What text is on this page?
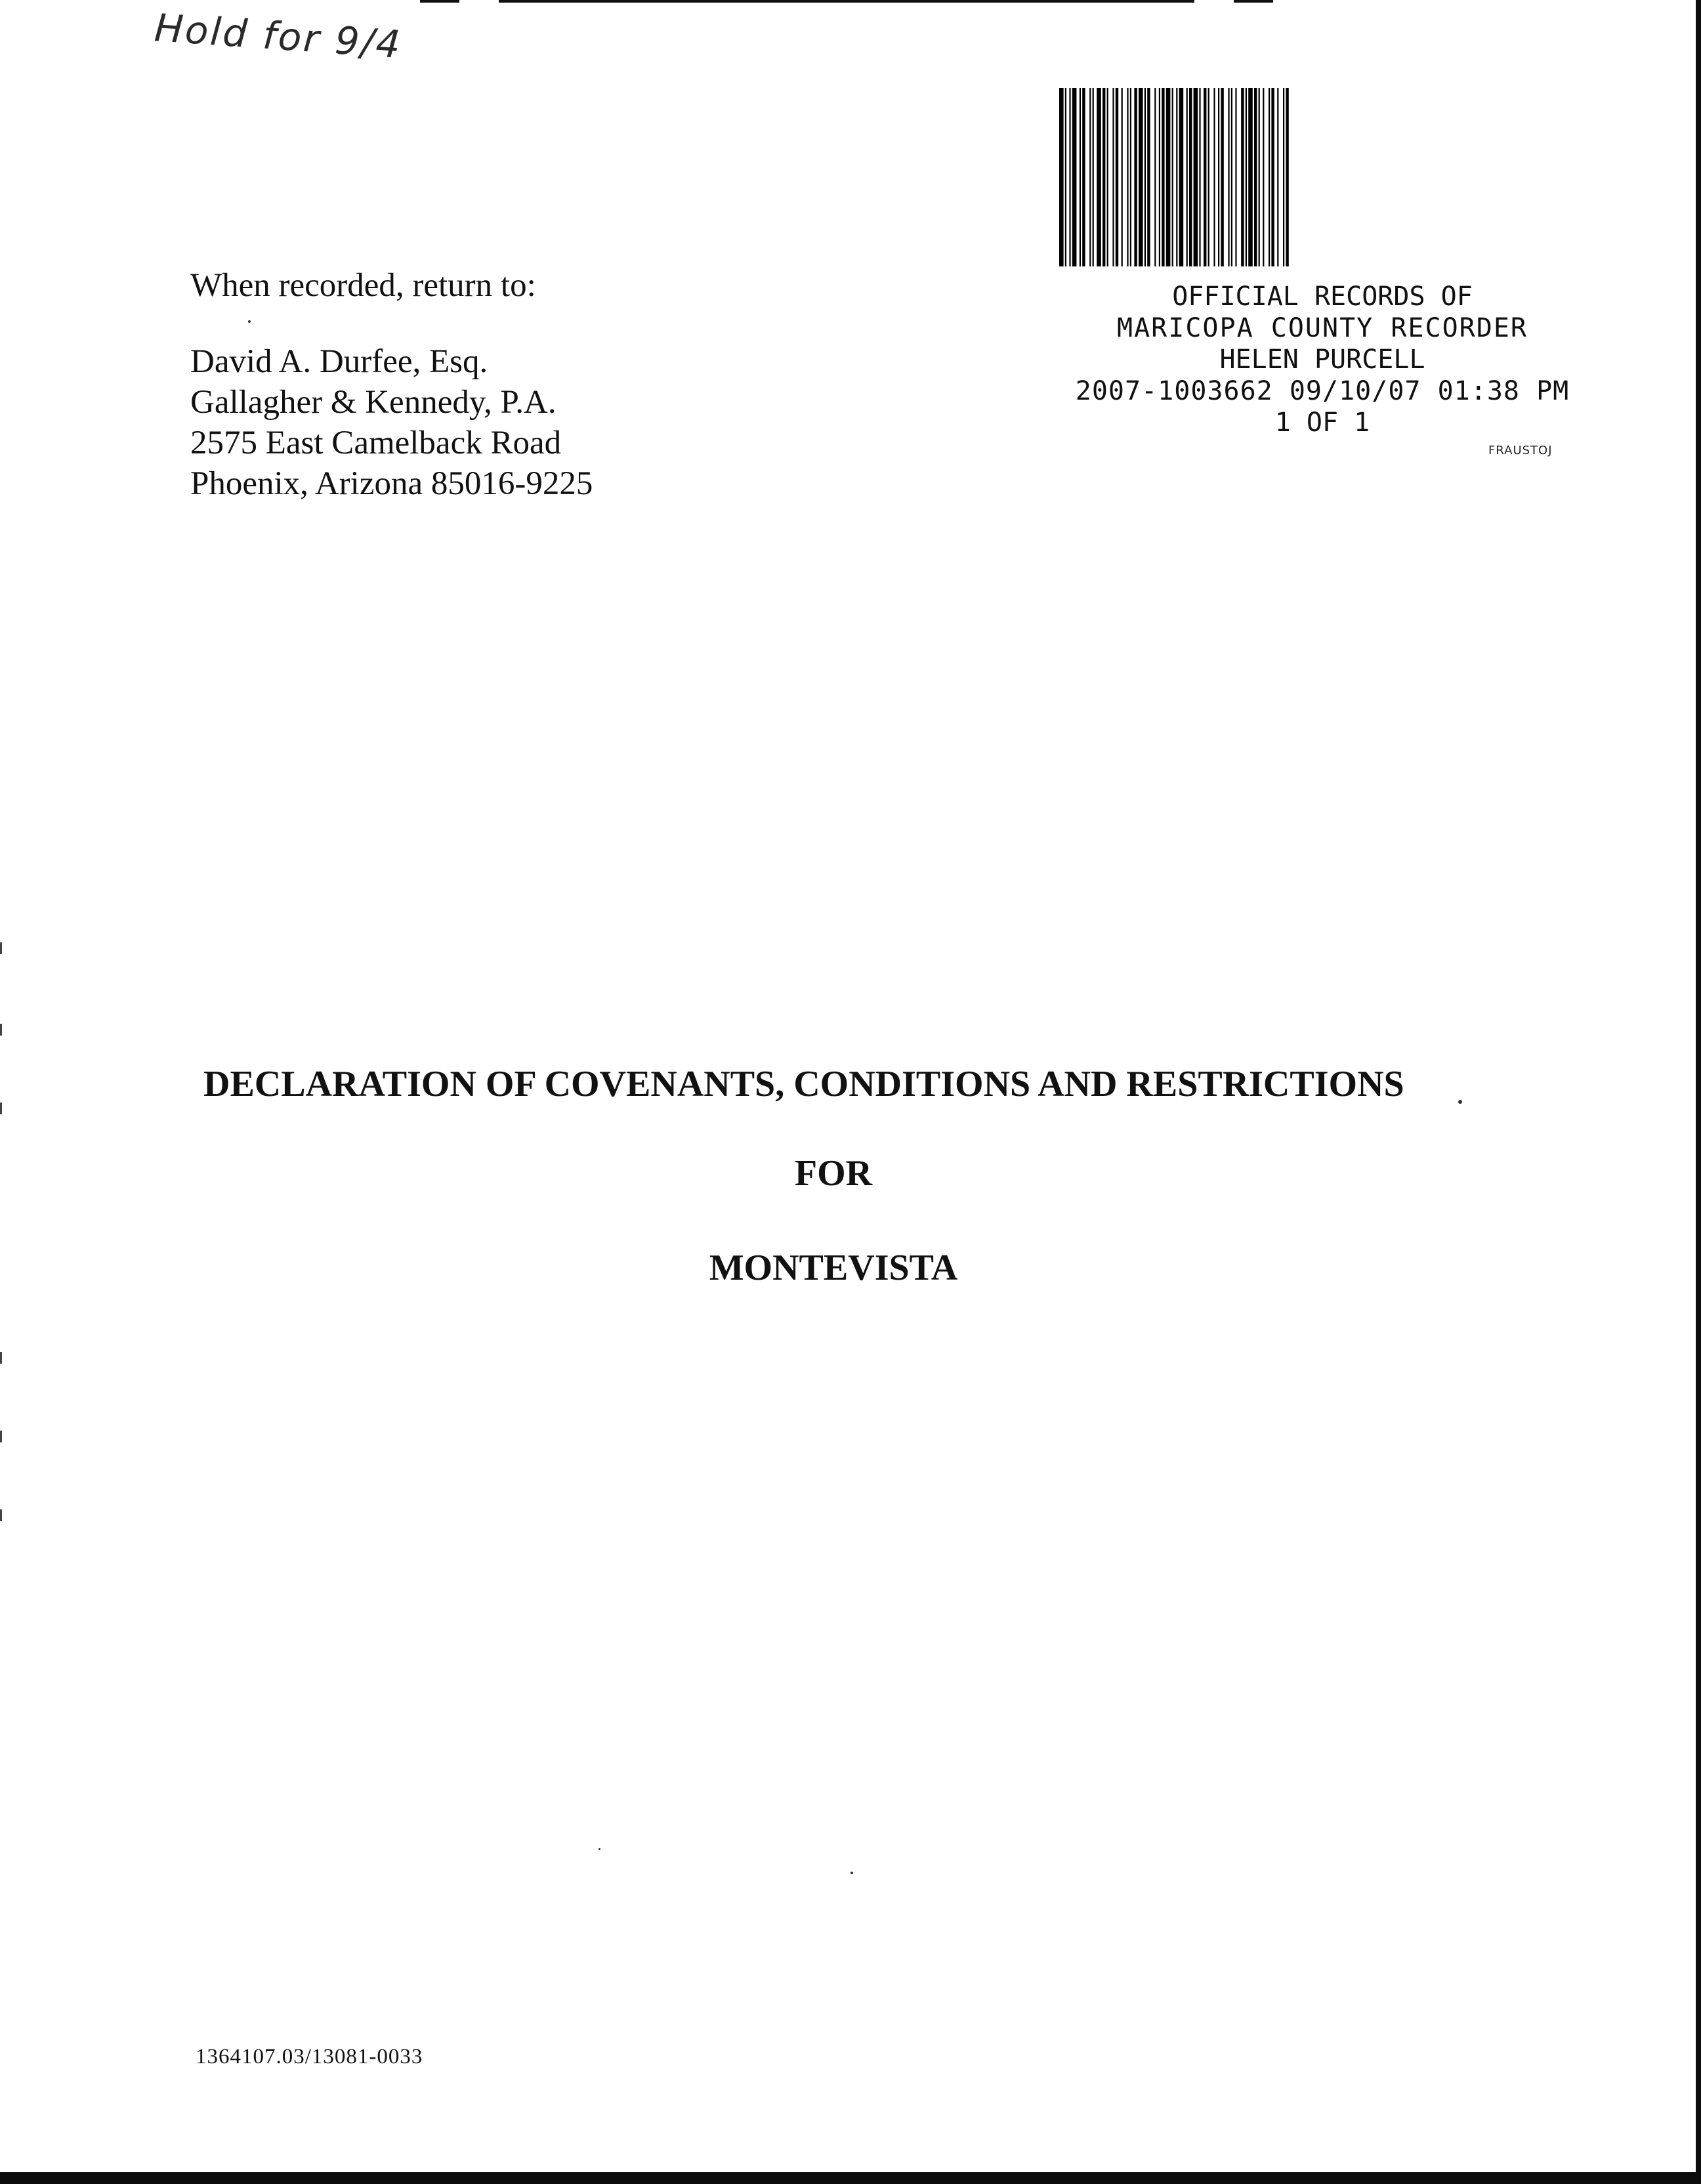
Hold for 9/4
When recorded, return to:
David A. Durfee, Esq.
Gallagher & Kennedy, P.A.
2575 East Camelback Road
Phoenix, Arizona 85016-9225
OFFICIAL RECORDS OF
MARICOPA COUNTY RECORDER
HELEN PURCELL
2007-1003662 09/10/07 01:38 PM
1 OF 1
FRAUSTOJ
DECLARATION OF COVENANTS, CONDITIONS AND RESTRICTIONS
FOR
MONTEVISTA
1364107.03/13081-0033
